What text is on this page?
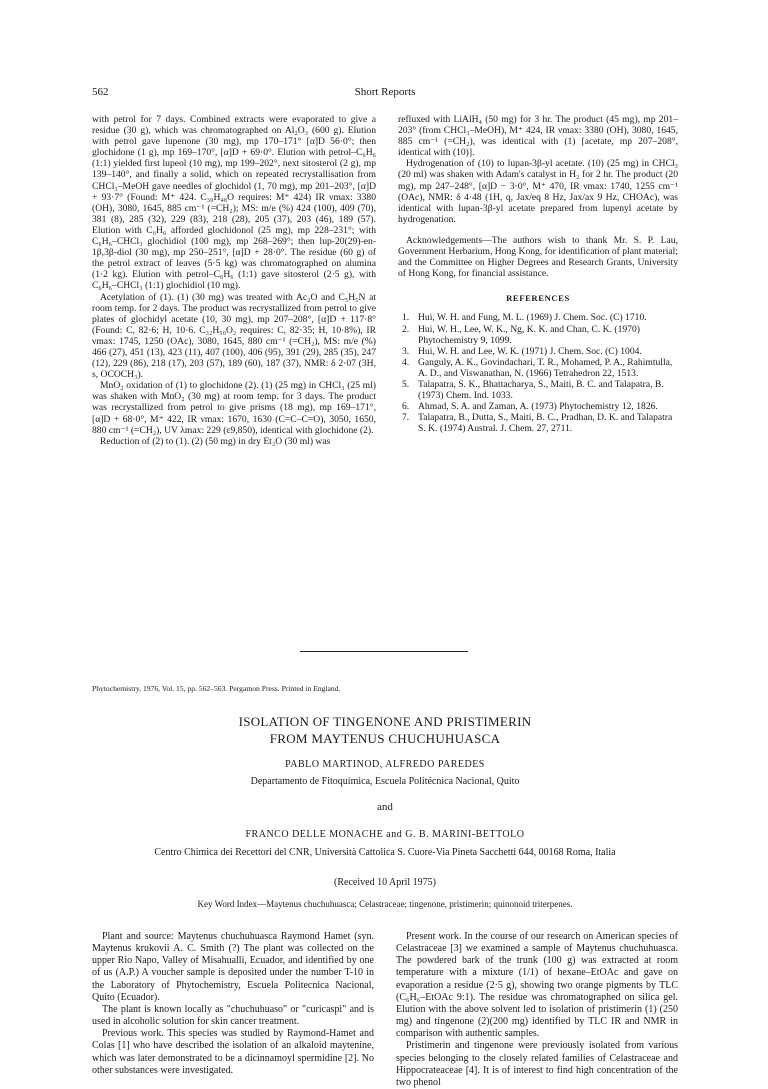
562	Short Reports

with petrol for 7 days. Combined extracts were evaporated to give a residue (30 g), which was chromatographed on Al₂O₃ (600 g). Elution with petrol gave lupenone (30 mg), mp 170–171° [α]D 56·0°; then glochidone (1 g), mp 169–170°, [α]D + 69·0°. Elution with petrol–C₆H₆ (1:1) yielded first lupeol (10 mg), mp 199–202°, next sitosterol (2 g), mp 139–140°, and finally a solid, which on repeated recrystallisation from CHCl₃–MeOH gave needles of glochidol (1, 70 mg), mp 201–203°, [α]D + 93·7° (Found: M⁺ 424. C₃₀H₄₈O requires: M⁺ 424) IR νmax: 3380 (OH), 3080, 1645, 885 cm⁻¹ (=CH₂); MS: m/e (%) 424 (100), 409 (70), 381 (8), 285 (32), 229 (83), 218 (28), 205 (37), 203 (46), 189 (57). Elution with C₆H₆ afforded glochidonol (25 mg), mp 228–231°; with C₆H₆–CHCl₃ glochidiol (100 mg), mp 268–269°; then lup-20(29)-en-1β,3β-diol (30 mg), mp 250–251°, [α]D + 28·0°. The residue (60 g) of the petrol extract of leaves (5·5 kg) was chromatographed on alumina (1·2 kg). Elution with petrol–C₆H₆ (1:1) gave sitosterol (2·5 g), with C₆H₆–CHCl₃ (1:1) glochidiol (10 mg).

Acetylation of (1). (1) (30 mg) was treated with Ac₂O and C₅H₅N at room temp. for 2 days. The product was recrystallized from petrol to give plates of glochidyl acetate (10, 30 mg), mp 207–208°, [α]D + 117·8° (Found: C, 82·6; H, 10·6. C₃₂H₅₀O₂ requires: C, 82·35; H, 10·8%), IR νmax: 1745, 1250 (OAc), 3080, 1645, 880 cm⁻¹ (=CH₂), MS: m/e (%) 466 (27), 451 (13), 423 (11), 407 (100), 406 (95), 391 (29), 285 (35), 247 (12), 229 (86), 218 (17), 203 (57), 189 (60), 187 (37), NMR: δ 2·07 (3H, s, OCOCH₃).

MnO₂ oxidation of (1) to glochidone (2). (1) (25 mg) in CHCl₃ (25 ml) was shaken with MnO₂ (30 mg) at room temp. for 3 days. The product was recrystallized from petrol to give prisms (18 mg), mp 169–171°, [α]D + 68·0°, M⁺ 422, IR νmax: 1670, 1630 (C=C–C=O), 3050, 1650, 880 cm⁻¹ (=CH₂), UV λmax: 229 (ε9,850), identical with glochidone (2).

Reduction of (2) to (1). (2) (50 mg) in dry Et₂O (30 ml) was

refluxed with LiAlH₄ (50 mg) for 3 hr. The product (45 mg), mp 201–203° (from CHCl₃–MeOH), M⁺ 424, IR νmax: 3380 (OH), 3080, 1645, 885 cm⁻¹ (=CH₂), was identical with (1) [acetate, mp 207–208°, identical with (10)].

Hydrogenation of (10) to lupan-3β-yl acetate. (10) (25 mg) in CHCl₃ (20 ml) was shaken with Adam's catalyst in H₂ for 2 hr. The product (20 mg), mp 247–248°, [α]D − 3·0°, M⁺ 470, IR νmax: 1740, 1255 cm⁻¹ (OAc), NMR: δ 4·48 (1H, q, Jax/eq 8 Hz, Jax/ax 9 Hz, CHOAc), was identical with lupan-3β-yl acetate prepared from lupenyl acetate by hydrogenation.

Acknowledgements—The authors wish to thank Mr. S. P. Lau, Government Herbarium, Hong Kong, for identification of plant material; and the Committee on Higher Degrees and Research Grants, University of Hong Kong, for financial assistance.

REFERENCES
1. Hui, W. H. and Fung, M. L. (1969) J. Chem. Soc. (C) 1710.
2. Hui, W. H., Lee, W. K., Ng, K. K. and Chan, C. K. (1970) Phytochemistry 9, 1099.
3. Hui, W. H. and Lee, W. K. (1971) J. Chem. Soc. (C) 1004.
4. Ganguly, A. K., Govindachari, T. R., Mohamed, P. A., Rahimtulla, A. D., and Viswanathan, N. (1966) Tetrahedron 22, 1513.
5. Talapatra, S. K., Bhattacharya, S., Maiti, B. C. and Talapatra, B. (1973) Chem. Ind. 1033.
6. Ahmad, S. A. and Zaman, A. (1973) Phytochemistry 12, 1826.
7. Talapatra, B., Dutta, S., Maiti, B. C., Pradhan, D. K. and Talapatra S. K. (1974) Austral. J. Chem. 27, 2711.
Phytochemistry, 1976, Vol. 15, pp. 562–563. Pergamon Press. Printed in England.
ISOLATION OF TINGENONE AND PRISTIMERIN
FROM MAYTENUS CHUCHUHUASCA
PABLO MARTINOD, ALFREDO PAREDES
Departamento de Fitoquímica, Escuela Politécnica Nacional, Quito
and
FRANCO DELLE MONACHE and G. B. MARINI-BETTOLO
Centro Chimica dei Recettori del CNR, Università Cattolica S. Cuore-Via Pineta Sacchetti 644, 00168 Roma, Italia
(Received 10 April 1975)
Key Word Index—Maytenus chuchuhuasca; Celastraceae; tingenone, pristimerin; quinonoid triterpenes.

Plant and source: Maytenus chuchuhuasca Raymond Hamet (syn. Maytenus krukovii A. C. Smith (?) The plant was collected on the upper Rio Napo, Valley of Misahualli, Ecuador, and identified by one of us (A.P.) A voucher sample is deposited under the number T-10 in the Laboratory of Phytochemistry, Escuela Politecnica Nacional, Quito (Ecuador).

The plant is known locally as "chuchuhuaso" or "curicaspi" and is used in alcoholic solution for skin cancer treatment.

Previous work. This species was studied by Raymond-Hamet and Colas [1] who have described the isolation of an alkaloid maytenine, which was later demonstrated to be a dicinnamoyl spermidine [2]. No other substances were investigated.

Present work. In the course of our research on American species of Celastraceae [3] we examined a sample of Maytenus chuchuhuasca. The powdered bark of the trunk (100 g) was extracted at room temperature with a mixture (1/1) of hexane–EtOAc and gave on evaporation a residue (2·5 g), showing two orange pigments by TLC (C₆H₆–EtOAc 9:1). The residue was chromatographed on silica gel. Elution with the above solvent led to isolation of pristimerin (1) (250 mg) and tingenone (2)(200 mg) identified by TLC IR and NMR in comparison with authentic samples.

Pristimerin and tingenone were previously isolated from various species belonging to the closely related families of Celastraceae and Hippocrateaceae [4]. It is of interest to find high concentration of the two phenol
